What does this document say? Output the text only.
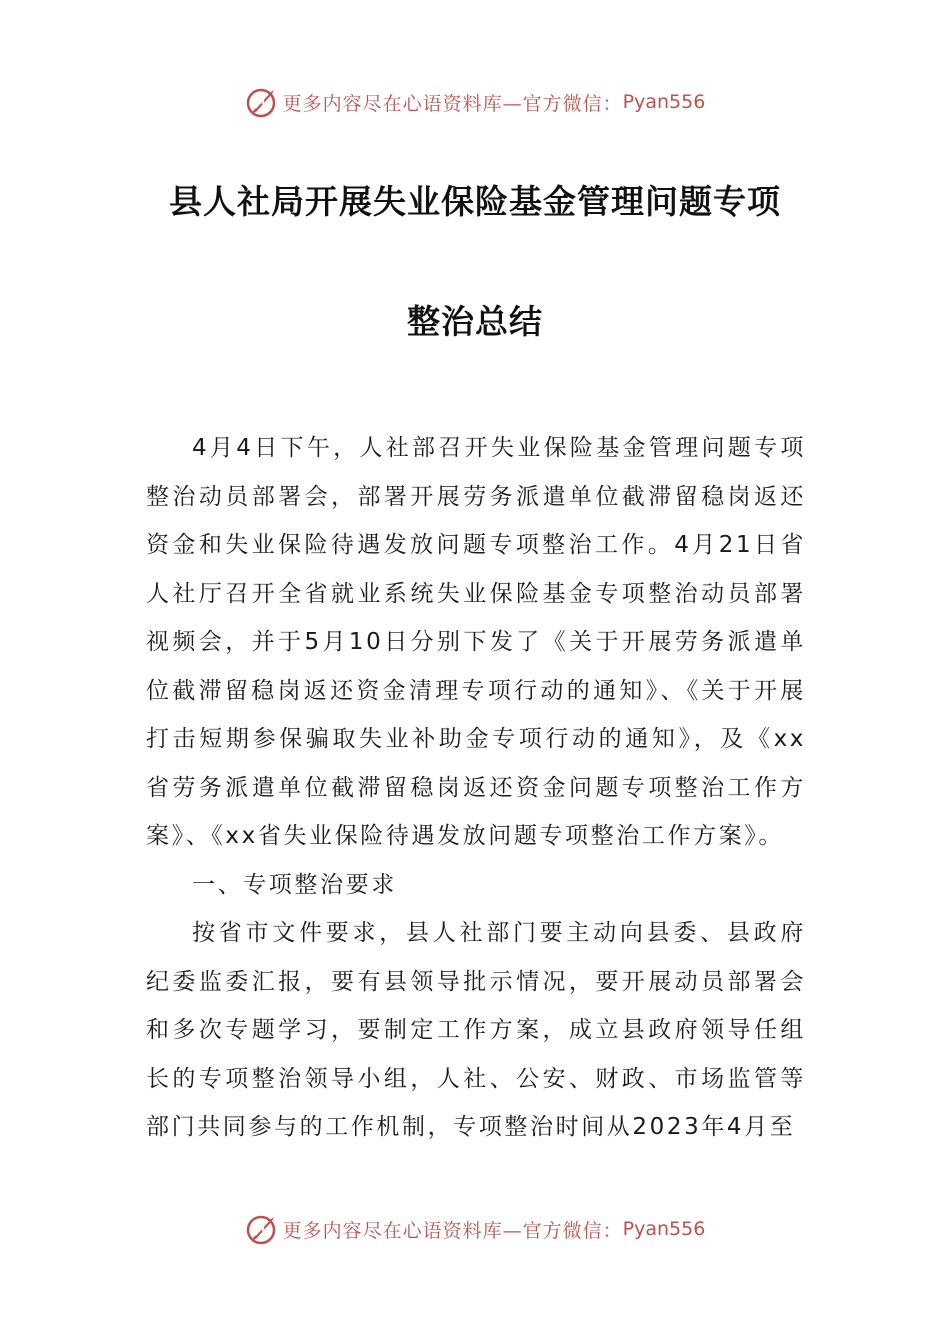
更多内容尽在心语资料库—官方微信： Pyan556
县人社局开展失业保险基金管理问题专项
整治总结

4月4日下午，人社部召开失业保险基金管理问题专项整治动员部署会，部署开展劳务派遣单位截滞留稳岗返还资金和失业保险待遇发放问题专项整治工作。4月21日省人社厅召开全省就业系统失业保险基金专项整治动员部署视频会，并于5月10日分别下发了《关于开展劳务派遣单位截滞留稳岗返还资金清理专项行动的通知》、《关于开展打击短期参保骗取失业补助金专项行动的通知》，及《xx省劳务派遣单位截滞留稳岗返还资金问题专项整治工作方案》、《xx省失业保险待遇发放问题专项整治工作方案》。

一、专项整治要求

按省市文件要求，县人社部门要主动向县委、县政府纪委监委汇报，要有县领导批示情况，要开展动员部署会和多次专题学习，要制定工作方案，成立县政府领导任组长的专项整治领导小组，人社、公安、财政、市场监管等部门共同参与的工作机制，专项整治时间从2023年4月至

更多内容尽在心语资料库—官方微信： Pyan556
